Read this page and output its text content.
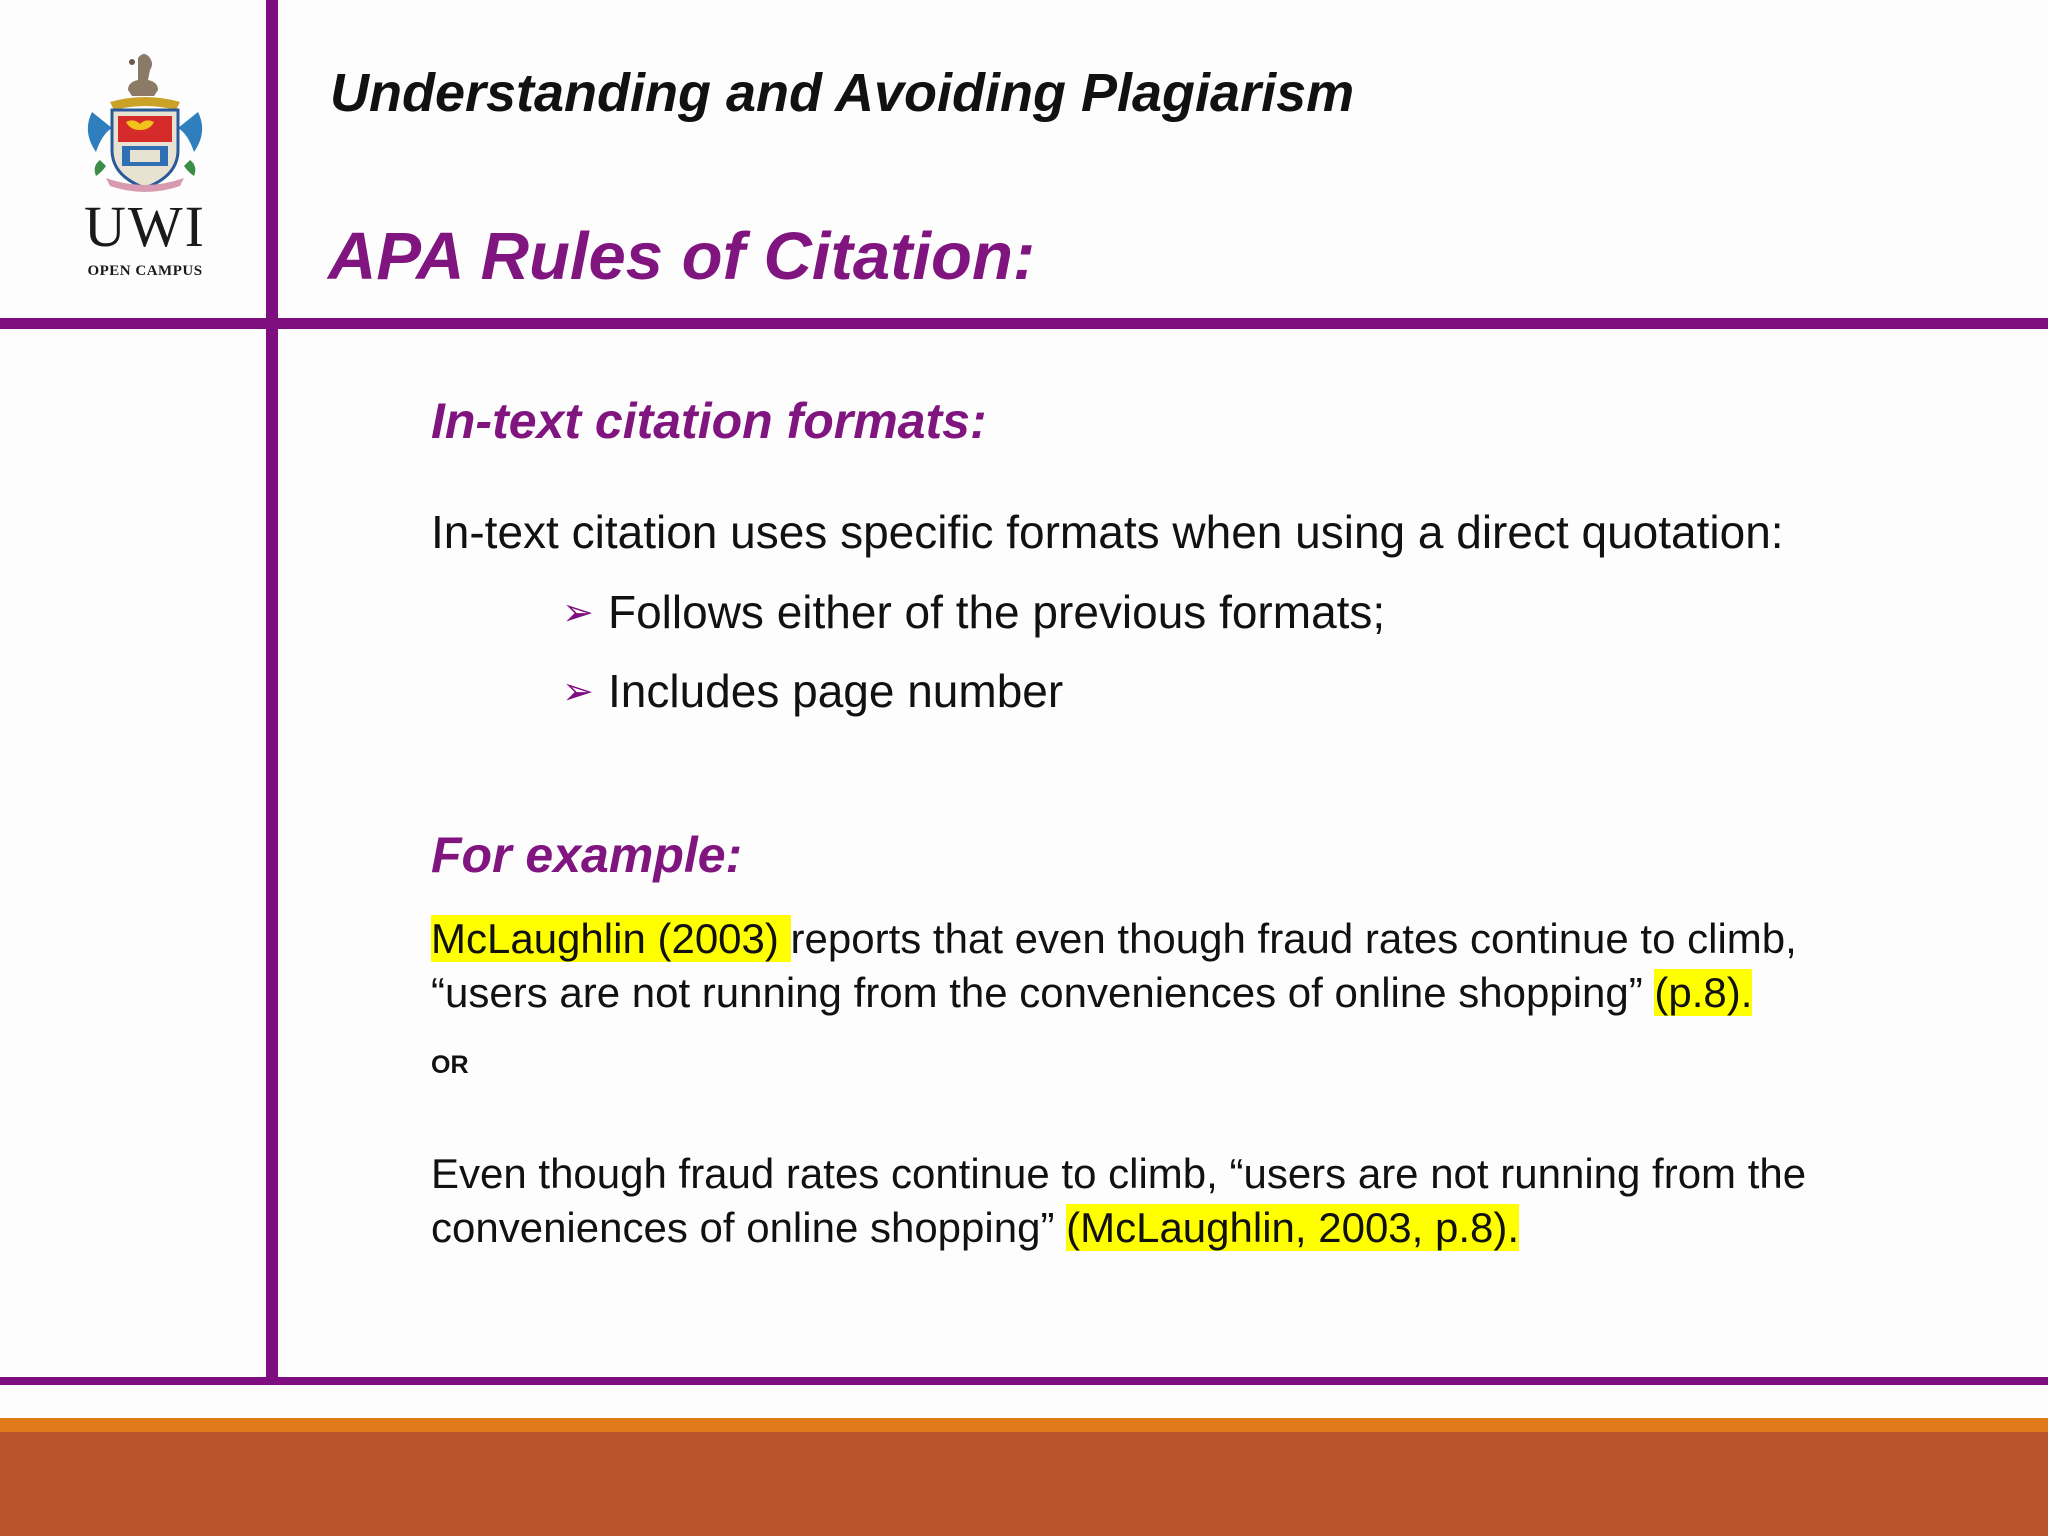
UWI
OPEN CAMPUS
Understanding and Avoiding Plagiarism
APA Rules of Citation:
In-text citation formats:
In-text citation uses specific formats when using a direct quotation:
➢ Follows either of the previous formats;
➢ Includes page number
For example:
McLaughlin (2003) reports that even though fraud rates continue to climb,
“users are not running from the conveniences of online shopping” (p.8).
OR
Even though fraud rates continue to climb, “users are not running from the
conveniences of online shopping” (McLaughlin, 2003, p.8).
